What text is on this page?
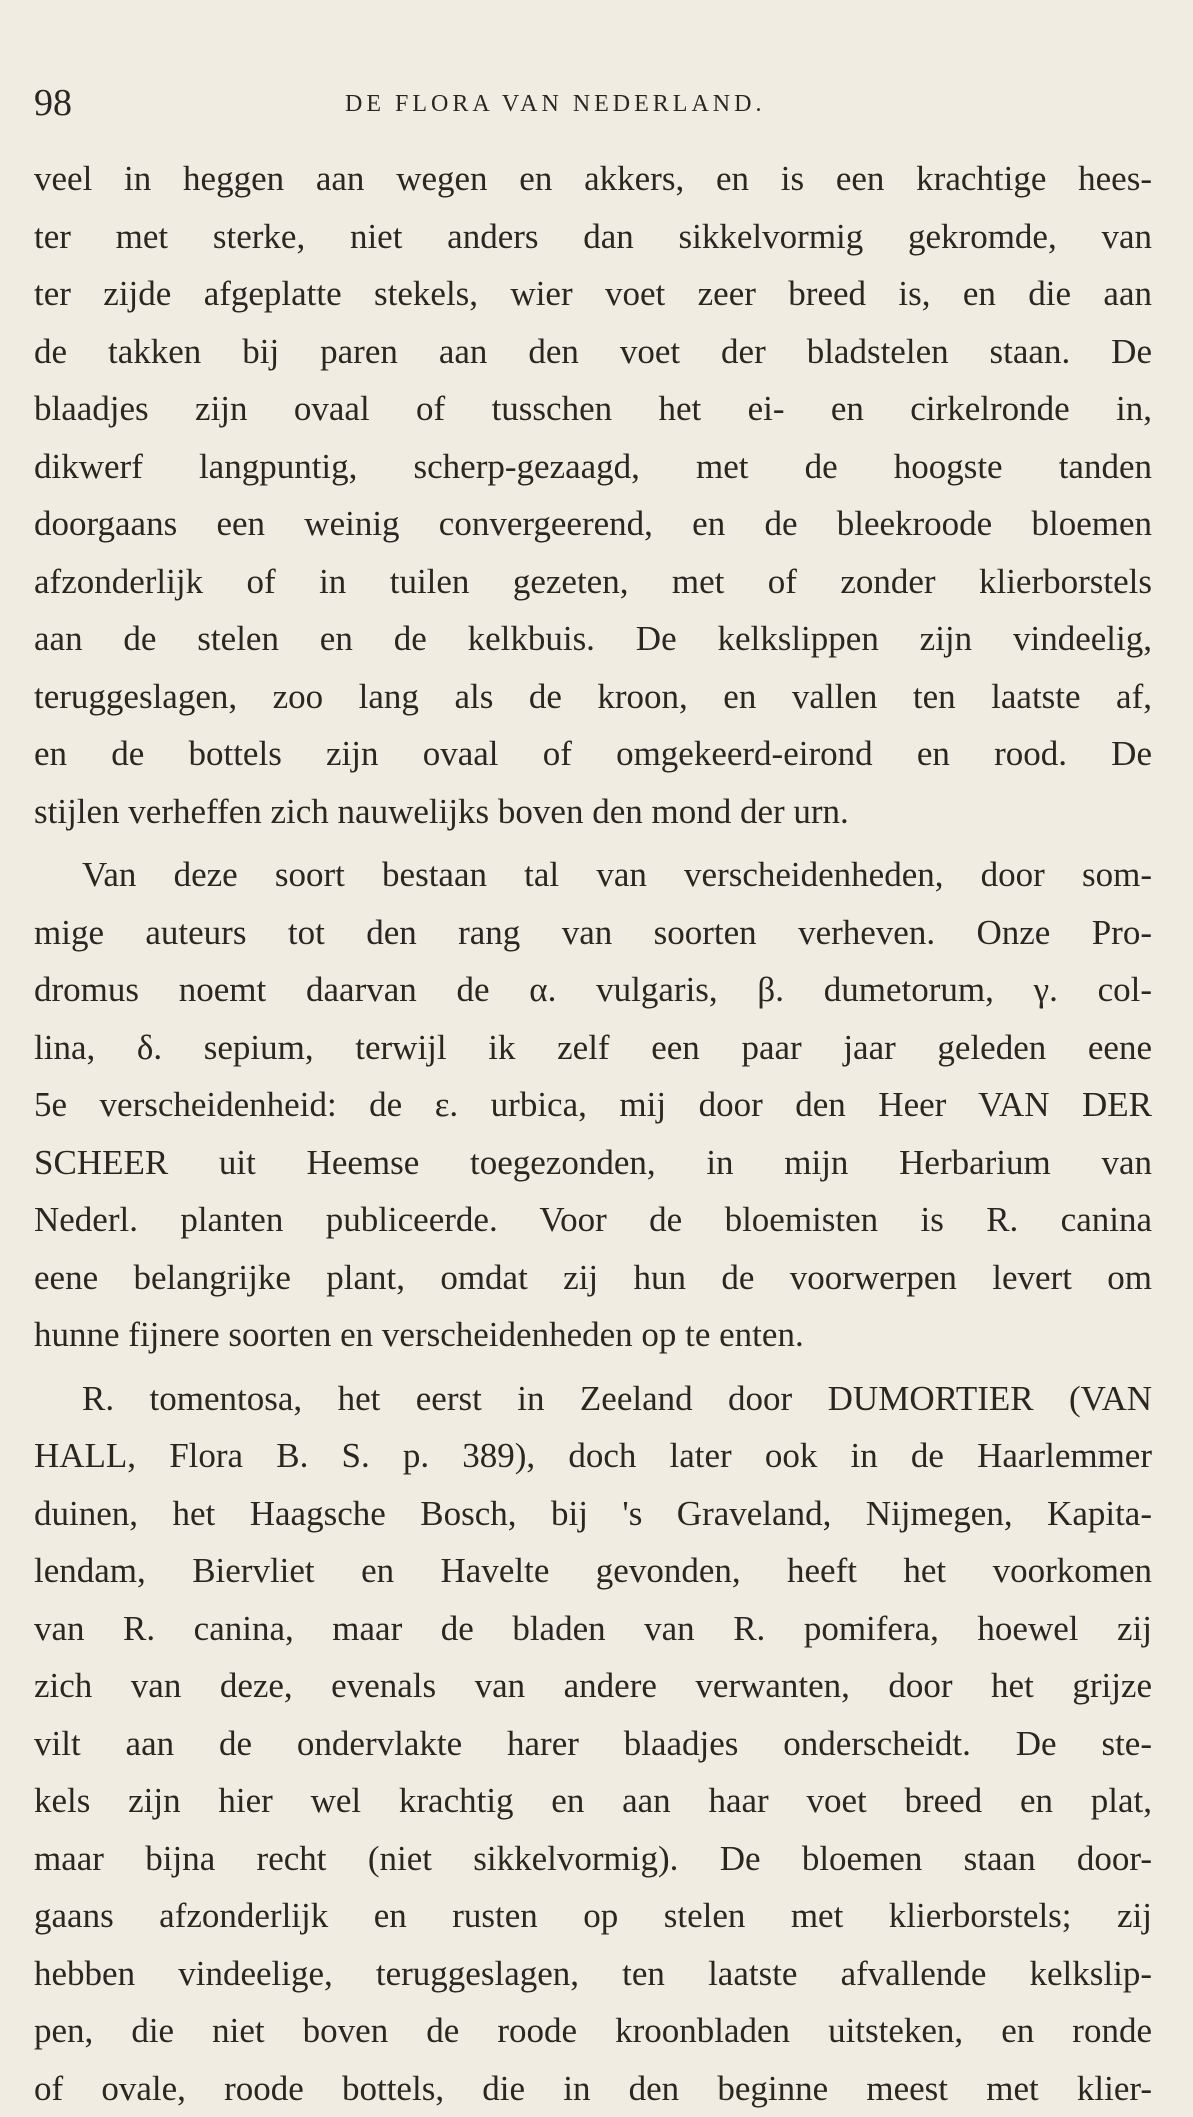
98	DE FLORA VAN NEDERLAND.
veel in heggen aan wegen en akkers, en is een krachtige hees-
ter met sterke, niet anders dan sikkelvormig gekromde, van
ter zijde afgeplatte stekels, wier voet zeer breed is, en die aan
de takken bij paren aan den voet der bladstelen staan. De
blaadjes zijn ovaal of tusschen het ei- en cirkelronde in,
dikwerf langpuntig, scherp-gezaagd, met de hoogste tanden
doorgaans een weinig convergeerend, en de bleekroode bloemen
afzonderlijk of in tuilen gezeten, met of zonder klierborstels
aan de stelen en de kelkbuis. De kelkslippen zijn vindeelig,
teruggeslagen, zoo lang als de kroon, en vallen ten laatste af,
en de bottels zijn ovaal of omgekeerd-eirond en rood. De
stijlen verheffen zich nauwelijks boven den mond der urn.
Van deze soort bestaan tal van verscheidenheden, door som-
mige auteurs tot den rang van soorten verheven. Onze Pro-
dromus noemt daarvan de α. vulgaris, β. dumetorum, γ. col-
lina, δ. sepium, terwijl ik zelf een paar jaar geleden eene
5e verscheidenheid: de ε. urbica, mij door den Heer VAN DER
SCHEER uit Heemse toegezonden, in mijn Herbarium van
Nederl. planten publiceerde. Voor de bloemisten is R. canina
eene belangrijke plant, omdat zij hun de voorwerpen levert om
hunne fijnere soorten en verscheidenheden op te enten.
R. tomentosa, het eerst in Zeeland door DUMORTIER (VAN
HALL, Flora B. S. p. 389), doch later ook in de Haarlemmer
duinen, het Haagsche Bosch, bij 's Graveland, Nijmegen, Kapita-
lendam, Biervliet en Havelte gevonden, heeft het voorkomen
van R. canina, maar de bladen van R. pomifera, hoewel zij
zich van deze, evenals van andere verwanten, door het grijze
vilt aan de ondervlakte harer blaadjes onderscheidt. De ste-
kels zijn hier wel krachtig en aan haar voet breed en plat,
maar bijna recht (niet sikkelvormig). De bloemen staan door-
gaans afzonderlijk en rusten op stelen met klierborstels; zij
hebben vindeelige, teruggeslagen, ten laatste afvallende kelkslip-
pen, die niet boven de roode kroonbladen uitsteken, en ronde
of ovale, roode bottels, die in den beginne meest met klier-
